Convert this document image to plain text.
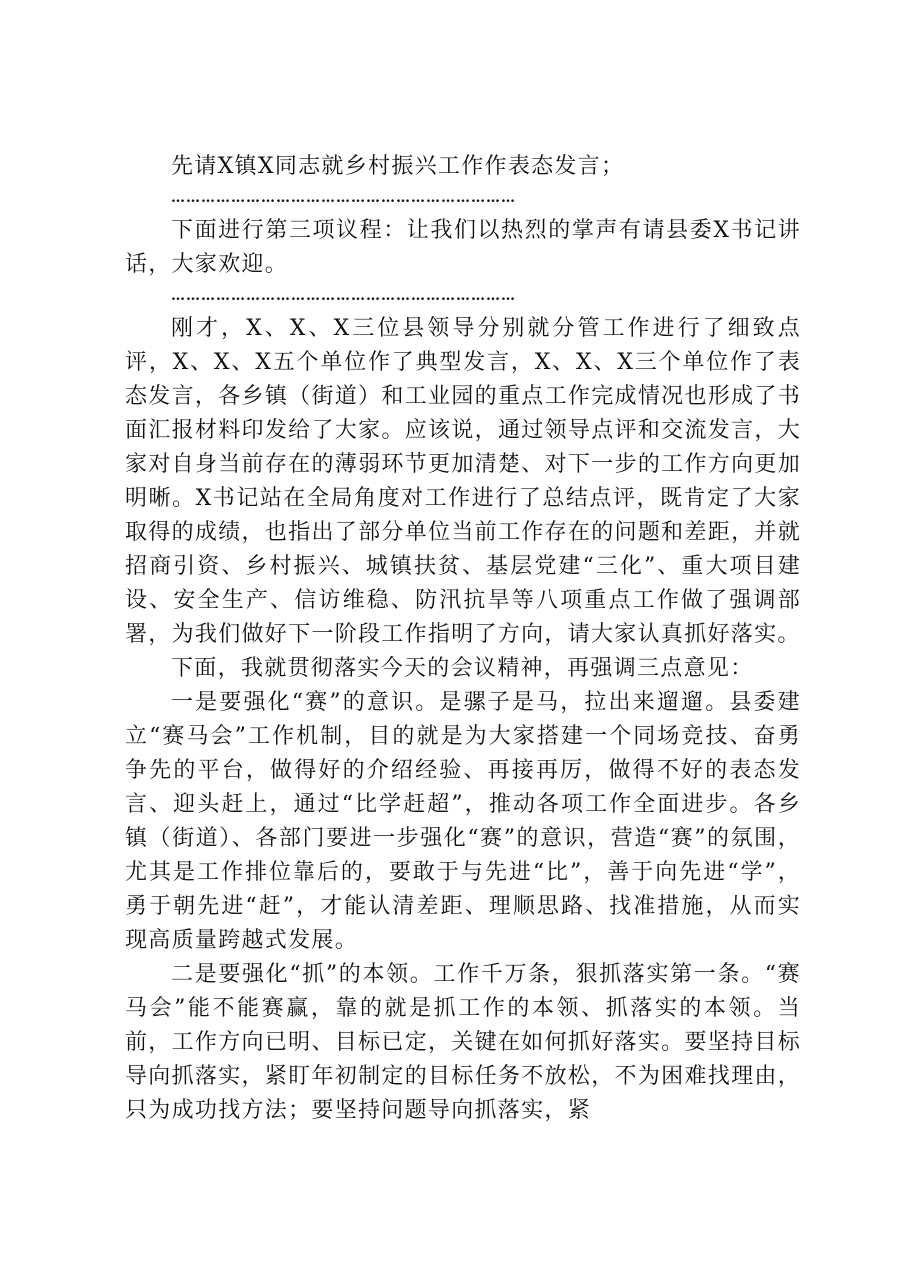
先请X镇X同志就乡村振兴工作作表态发言；

……………………………………………………………

下面进行第三项议程：让我们以热烈的掌声有请县委X书记讲话，大家欢迎。

……………………………………………………………

刚才，X、X、X三位县领导分别就分管工作进行了细致点评，X、X、X五个单位作了典型发言，X、X、X三个单位作了表态发言，各乡镇（街道）和工业园的重点工作完成情况也形成了书面汇报材料印发给了大家。应该说，通过领导点评和交流发言，大家对自身当前存在的薄弱环节更加清楚、对下一步的工作方向更加明晰。X书记站在全局角度对工作进行了总结点评，既肯定了大家取得的成绩，也指出了部分单位当前工作存在的问题和差距，并就招商引资、乡村振兴、城镇扶贫、基层党建“三化”、重大项目建设、安全生产、信访维稳、防汛抗旱等八项重点工作做了强调部署，为我们做好下一阶段工作指明了方向，请大家认真抓好落实。

下面，我就贯彻落实今天的会议精神，再强调三点意见：

一是要强化“赛”的意识。是骡子是马，拉出来遛遛。县委建立“赛马会”工作机制，目的就是为大家搭建一个同场竞技、奋勇争先的平台，做得好的介绍经验、再接再厉，做得不好的表态发言、迎头赶上，通过“比学赶超”，推动各项工作全面进步。各乡镇（街道）、各部门要进一步强化“赛”的意识，营造“赛”的氛围，尤其是工作排位靠后的，要敢于与先进“比”，善于向先进“学”，勇于朝先进“赶”，才能认清差距、理顺思路、找准措施，从而实现高质量跨越式发展。

二是要强化“抓”的本领。工作千万条，狠抓落实第一条。“赛马会”能不能赛赢，靠的就是抓工作的本领、抓落实的本领。当前，工作方向已明、目标已定，关键在如何抓好落实。要坚持目标导向抓落实，紧盯年初制定的目标任务不放松，不为困难找理由，只为成功找方法；要坚持问题导向抓落实，紧
